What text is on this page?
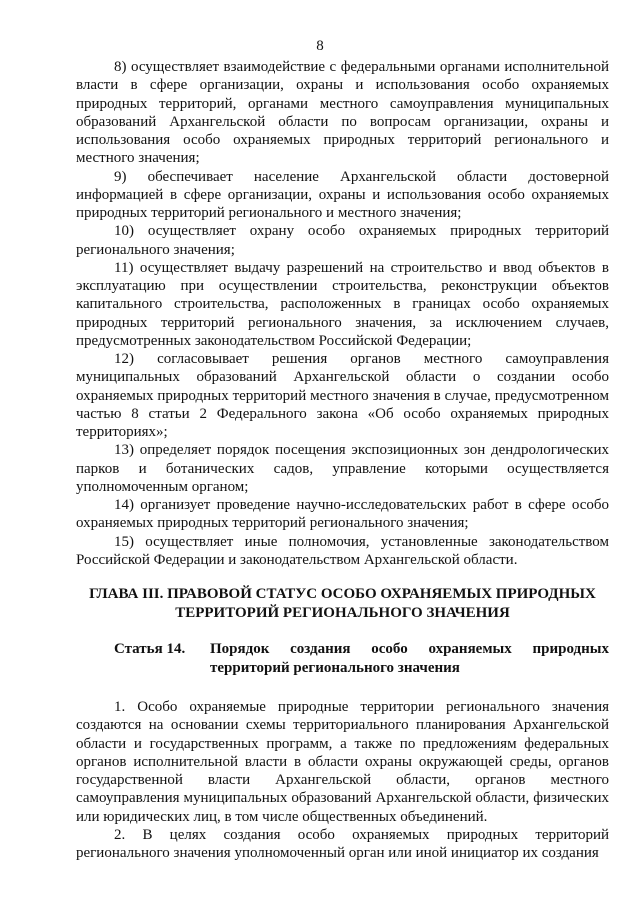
8

8) осуществляет взаимодействие с федеральными органами исполнительной власти в сфере организации, охраны и использования особо охраняемых природных территорий, органами местного самоуправления муниципальных образований Архангельской области по вопросам организации, охраны и использования особо охраняемых природных территорий регионального и местного значения;

9) обеспечивает население Архангельской области достоверной информацией в сфере организации, охраны и использования особо охраняемых природных территорий регионального и местного значения;

10) осуществляет охрану особо охраняемых природных территорий регионального значения;

11) осуществляет выдачу разрешений на строительство и ввод объектов в эксплуатацию при осуществлении строительства, реконструкции объектов капитального строительства, расположенных в границах особо охраняемых природных территорий регионального значения, за исключением случаев, предусмотренных законодательством Российской Федерации;

12) согласовывает решения органов местного самоуправления муниципальных образований Архангельской области о создании особо охраняемых природных территорий местного значения в случае, предусмотренном частью 8 статьи 2 Федерального закона «Об особо охраняемых природных территориях»;

13) определяет порядок посещения экспозиционных зон дендрологических парков и ботанических садов, управление которыми осуществляется уполномоченным органом;

14) организует проведение научно-исследовательских работ в сфере особо охраняемых природных территорий регионального значения;

15) осуществляет иные полномочия, установленные законодательством Российской Федерации и законодательством Архангельской области.

ГЛАВА III. ПРАВОВОЙ СТАТУС ОСОБО ОХРАНЯЕМЫХ ПРИРОДНЫХ ТЕРРИТОРИЙ РЕГИОНАЛЬНОГО ЗНАЧЕНИЯ
Статья 14.	Порядок создания особо охраняемых природных территорий регионального значения

1. Особо охраняемые природные территории регионального значения создаются на основании схемы территориального планирования Архангельской области и государственных программ, а также по предложениям федеральных органов исполнительной власти в области охраны окружающей среды, органов государственной власти Архангельской области, органов местного самоуправления муниципальных образований Архангельской области, физических или юридических лиц, в том числе общественных объединений.

2. В целях создания особо охраняемых природных территорий регионального значения уполномоченный орган или иной инициатор их создания
